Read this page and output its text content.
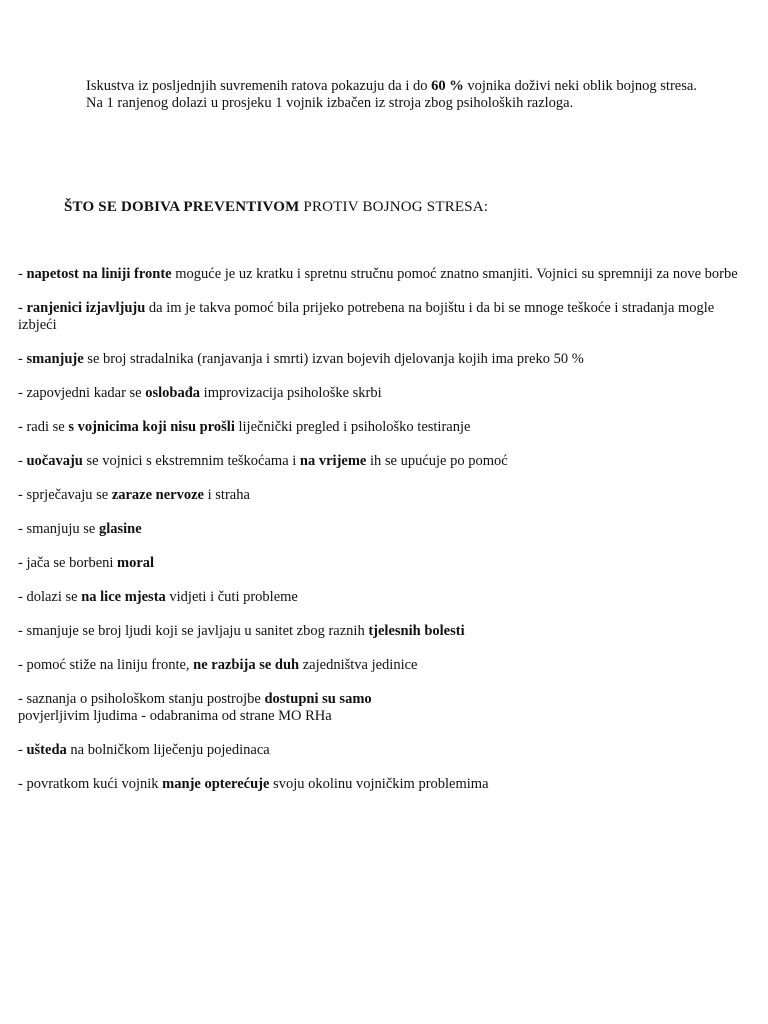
Iskustva iz posljednjih suvremenih ratova pokazuju da i do 60 % vojnika doživi neki oblik bojnog stresa.

Na 1 ranjenog dolazi u prosjeku 1 vojnik izbačen iz stroja zbog psiholoških razloga.

ŠTO SE DOBIVA PREVENTIVOM PROTIV BOJNOG STRESA:

- napetost na liniji fronte moguće je uz kratku i spretnu stručnu pomoć znatno smanjiti. Vojnici su spremniji za nove borbe

- ranjenici izjavljuju da im je takva pomoć bila prijeko potrebena na bojištu i da bi se mnoge teškoće i stradanja mogle izbjeći

- smanjuje se broj stradalnika (ranjavanja i smrti) izvan bojevih djelovanja kojih ima preko 50 %

- zapovjedni kadar se oslobađa improvizacija psihološke skrbi

- radi se s vojnicima koji nisu prošli liječnički pregled i psihološko testiranje

- uočavaju se vojnici s ekstremnim teškoćama i na vrijeme ih se upućuje po pomoć

- sprječavaju se zaraze nervoze i straha

- smanjuju se glasine

- jača se borbeni moral

- dolazi se na lice mjesta vidjeti i čuti probleme

- smanjuje se broj ljudi koji se javljaju u sanitet zbog raznih tjelesnih bolesti

- pomoć stiže na liniju fronte, ne razbija se duh zajedništva jedinice

- saznanja o psihološkom stanju postrojbe dostupni su samo
povjerljivim ljudima - odabranima od strane MO RHa

- ušteda na bolničkom liječenju pojedinaca

- povratkom kući vojnik manje opterećuje svoju okolinu vojničkim problemima
